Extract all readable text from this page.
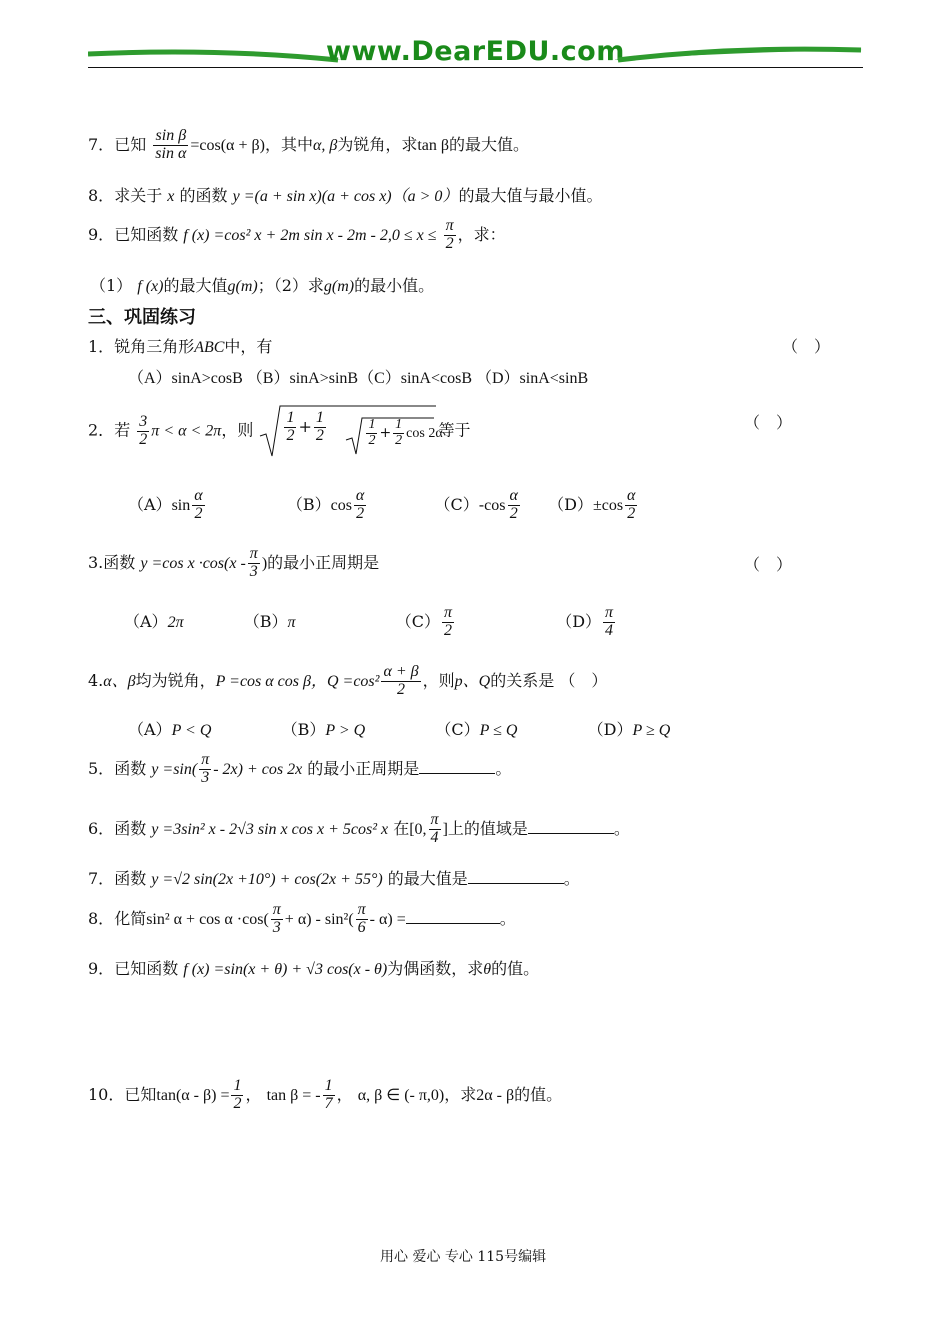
www.DearEDU.com
7．已知 $\frac{\text{sin β}}{\text{sin α}} =\cos(\alpha + \beta)$，其中α, β为锐角，求tan β的最大值。
8．求关于 x 的函数 y =(a + sin x)(a + cos x)（a > 0）的最大值与最小值。
9．已知函数 f (x) =cos² x + 2m $\sin x - 2m - 2,0 \le x \le \frac{\pi}{2}$ ，求：
（1） f (x)的最大值g(m)；（2）求g(m)的最小值。
三、巩固练习
1．锐角三角形ABC中，有	（　）
（A）sinA>cosB （B）sinA>sinB（C）sinA<cosB （D）sinA<sinB
2．若 $\frac{3}{2}$ π < α < 2π，则 $\frac{1}{2} + \frac{1}{2}$	$\frac{1}{2} + \frac{1}{2}$ cos 2α
等于	（　）
$(A)\sin \frac{\alpha}{2}$	$(B)\cos \frac{\alpha}{2}$	$(C)-\cos \frac{\alpha}{2} (D)\pm\cos \frac{\alpha}{2}$
3.函数 y =cos $x \cdot\cos(x - \frac{\pi}{3}$ )的最小正周期是	（　）
（A）2π	（B）π	$(C) \frac{\pi}{2}$	$(D) \frac{\pi}{4}$
4.α、β均为锐角，P =cos α cos β，$Q =\cos^2 \frac{\alpha + \beta}{2}$ ，则p、Q的关系是 （　）
（A）P < Q	（B）P > Q	（C）P ≤ Q	（D）P ≥ Q
5．函数 $y =\sin( \frac{\pi}{3} - 2x) + \cos 2x$ 的最小正周期是	。
6．函数 y =3sin² x - 2√3 sin x cos x + 5cos² x 在[0, $\frac{\pi}{4}$ ]上的值域是	。
7．函数 y =√2 sin(2x +10°) + cos(2x + 55°) 的最大值是	。
8．化简sin² $\alpha + \cos \alpha \cdot\cos( \frac{\pi}{3} + \alpha) - \sin^2( \frac{\pi}{6} - \alpha)$ =	。
9．已知函数 f (x) =sin(x + θ) + √3 cos(x - θ)为偶函数，求θ的值。
10．已知$\tan(\alpha - \beta) = \frac{1}{2}$ ， tan β = - $\frac{1}{7}$ ， α, β ∈ (- π,0)，求2α - β的值。
用心 爱心 专心 115号编辑
